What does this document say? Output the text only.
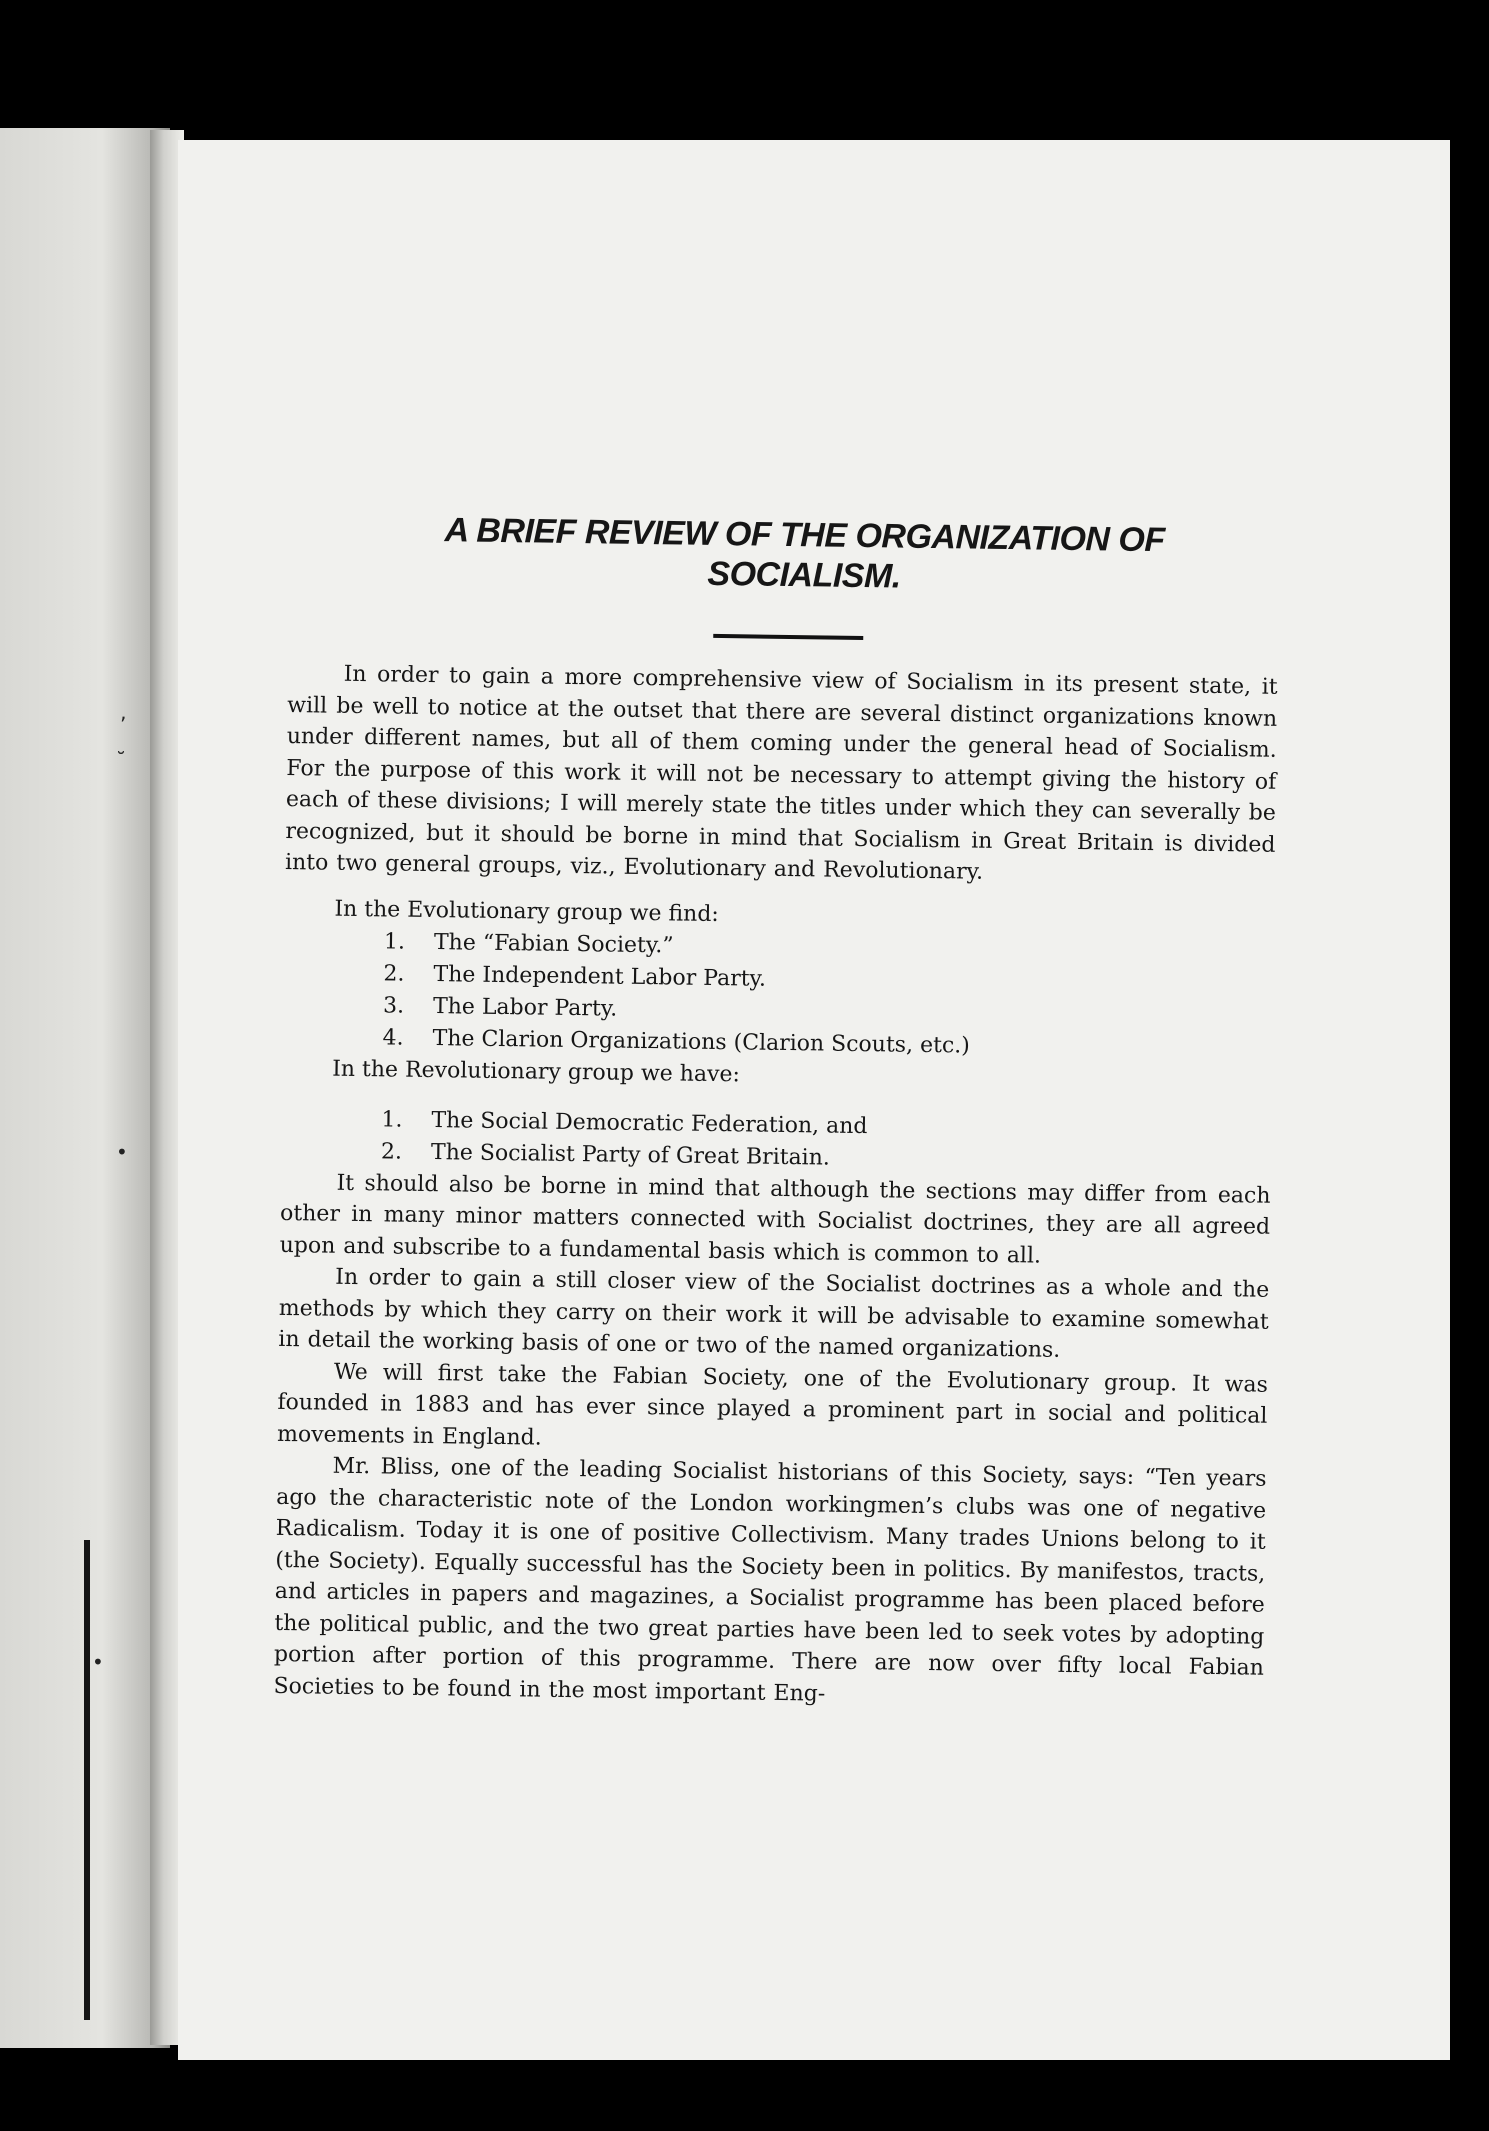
‚
˘
•
•
A BRIEF REVIEW OF THE ORGANIZATION OF
SOCIALISM.

In order to gain a more comprehensive view of Socialism in its present state, it will be well to notice at the outset that there are several distinct organizations known under different names, but all of them coming under the general head of Socialism. For the purpose of this work it will not be necessary to attempt giving the history of each of these divisions; I will merely state the titles under which they can severally be recognized, but it should be borne in mind that Socialism in Great Britain is divided into two general groups, viz., Evolutionary and Revolutionary.

In the Evolutionary group we find:
1.	The “Fabian Society.”
2.	The Independent Labor Party.
3.	The Labor Party.
4.	The Clarion Organizations (Clarion Scouts, etc.)
In the Revolutionary group we have:
1.	The Social Democratic Federation, and
2.	The Socialist Party of Great Britain.

It should also be borne in mind that although the sections may differ from each other in many minor matters connected with Socialist doctrines, they are all agreed upon and subscribe to a fundamental basis which is common to all.

In order to gain a still closer view of the Socialist doctrines as a whole and the methods by which they carry on their work it will be advisable to examine somewhat in detail the working basis of one or two of the named organizations.

We will first take the Fabian Society, one of the Evolutionary group. It was founded in 1883 and has ever since played a prominent part in social and political movements in England.

Mr. Bliss, one of the leading Socialist historians of this Society, says: “Ten years ago the characteristic note of the London workingmen’s clubs was one of negative Radicalism. Today it is one of positive Collectivism. Many trades Unions belong to it (the Society). Equally successful has the Society been in politics. By manifestos, tracts, and articles in papers and magazines, a Socialist programme has been placed before the political public, and the two great parties have been led to seek votes by adopting portion after portion of this programme. There are now over fifty local Fabian Societies to be found in the most important Eng-
